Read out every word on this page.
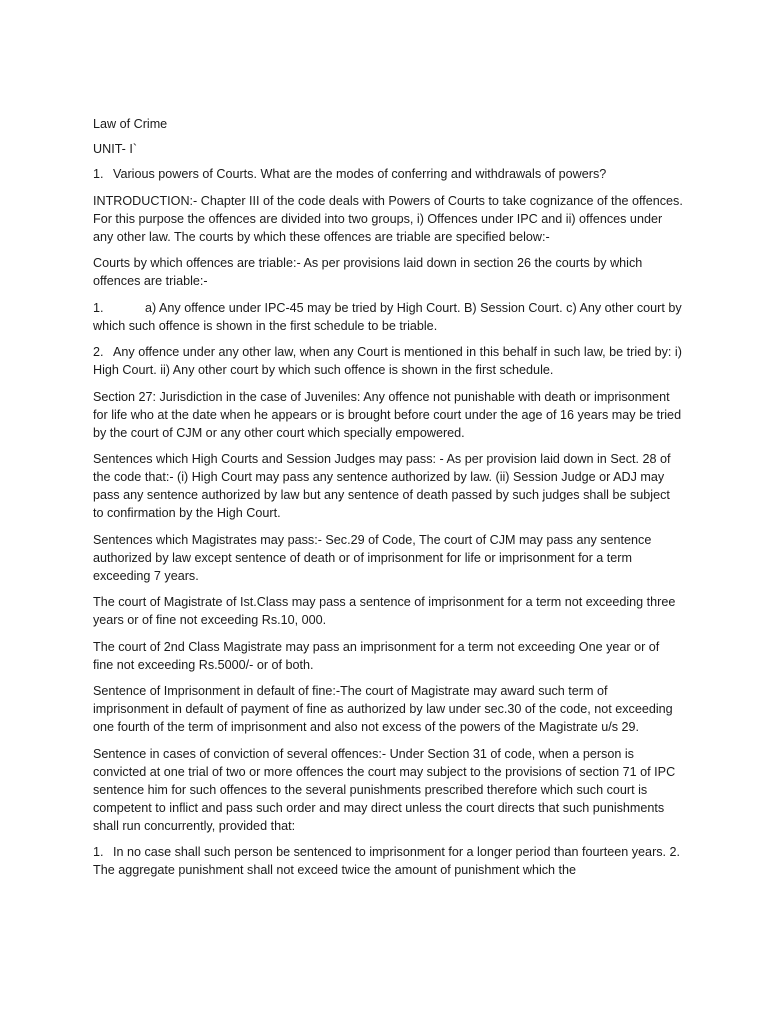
Law of Crime

UNIT- I`

1. Various powers of Courts. What are the modes of conferring and withdrawals of powers?

INTRODUCTION:- Chapter III of the code deals with Powers of Courts to take cognizance of the offences. For this purpose the offences are divided into two groups, i) Offences under IPC and ii) offences under any other law. The courts by which these offences are triable are specified below:-

Courts by which offences are triable:- As per provisions laid down in section 26 the courts by which offences are triable:-

1.	a) Any offence under IPC-45 may be tried by High Court. B) Session Court. c) Any other court by which such offence is shown in the first schedule to be triable.

2. Any offence under any other law, when any Court is mentioned in this behalf in such law, be tried by: i) High Court. ii) Any other court by which such offence is shown in the first schedule.

Section 27: Jurisdiction in the case of Juveniles: Any offence not punishable with death or imprisonment for life who at the date when he appears or is brought before court under the age of 16 years may be tried by the court of CJM or any other court which specially empowered.

Sentences which High Courts and Session Judges may pass: - As per provision laid down in Sect. 28 of the code that:- (i) High Court may pass any sentence authorized by law. (ii) Session Judge or ADJ may pass any sentence authorized by law but any sentence of death passed by such judges shall be subject to confirmation by the High Court.

Sentences which Magistrates may pass:- Sec.29 of Code, The court of CJM may pass any sentence authorized by law except sentence of death or of imprisonment for life or imprisonment for a term exceeding 7 years.

The court of Magistrate of Ist.Class may pass a sentence of imprisonment for a term not exceeding three years or of fine not exceeding Rs.10, 000.

The court of 2nd Class Magistrate may pass an imprisonment for a term not exceeding One year or of fine not exceeding Rs.5000/- or of both.

Sentence of Imprisonment in default of fine:-The court of Magistrate may award such term of imprisonment in default of payment of fine as authorized by law under sec.30 of the code, not exceeding one fourth of the term of imprisonment and also not excess of the powers of the Magistrate u/s 29.

Sentence in cases of conviction of several offences:- Under Section 31 of code, when a person is convicted at one trial of two or more offences the court may subject to the provisions of section 71 of IPC sentence him for such offences to the several punishments prescribed therefore which such court is competent to inflict and pass such order and may direct unless the court directs that such punishments shall run concurrently, provided that:

1. In no case shall such person be sentenced to imprisonment for a longer period than fourteen years. 2. The aggregate punishment shall not exceed twice the amount of punishment which the
